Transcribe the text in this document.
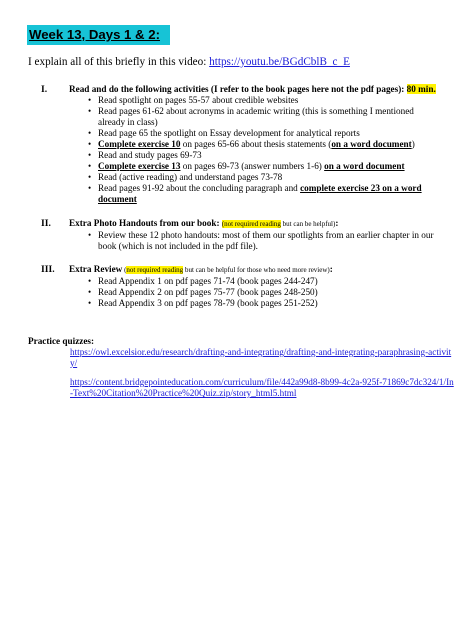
Week 13, Days 1 & 2:
I explain all of this briefly in this video: https://youtu.be/BGdCblB_c_E
I. Read and do the following activities (I refer to the book pages here not the pdf pages): 80 min.
• Read spotlight on pages 55-57 about credible websites
• Read pages 61-62 about acronyms in academic writing (this is something I mentioned already in class)
• Read page 65 the spotlight on Essay development for analytical reports
• Complete exercise 10 on pages 65-66 about thesis statements (on a word document)
• Read and study pages 69-73
• Complete exercise 13 on pages 69-73 (answer numbers 1-6) on a word document
• Read (active reading) and understand pages 73-78
• Read pages 91-92 about the concluding paragraph and complete exercise 23 on a word document
II. Extra Photo Handouts from our book: (not required reading but can be helpful):
• Review these 12 photo handouts: most of them our spotlights from an earlier chapter in our book (which is not included in the pdf file).
III. Extra Review (not required reading but can be helpful for those who need more review):
• Read Appendix 1 on pdf pages 71-74 (book pages 244-247)
• Read Appendix 2 on pdf pages 75-77 (book pages 248-250)
• Read Appendix 3 on pdf pages 78-79 (book pages 251-252)
Practice quizzes:
https://owl.excelsior.edu/research/drafting-and-integrating/drafting-and-integrating-paraphrasing-activity/
https://content.bridgepointeducation.com/curriculum/file/442a99d8-8b99-4c2a-925f-71869c7dc324/1/In-Text%20Citation%20Practice%20Quiz.zip/story_html5.html
